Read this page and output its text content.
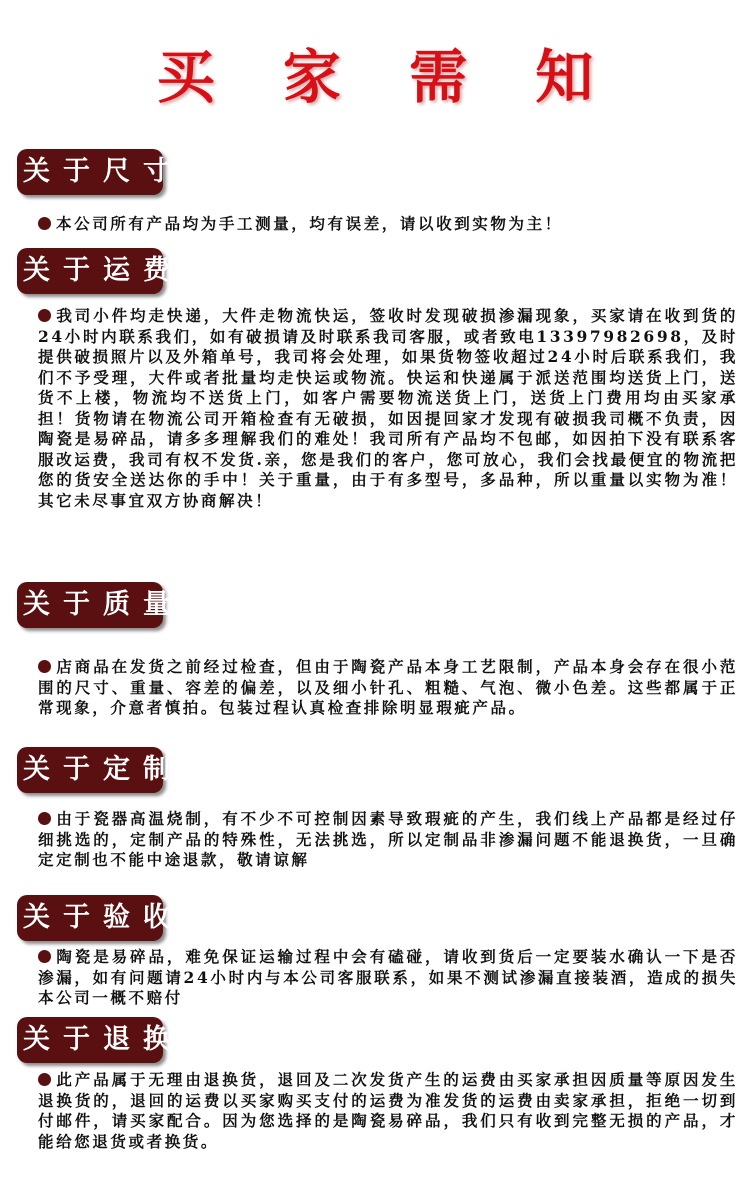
买 家 需 知
关于尺寸
本公司所有产品均为手工测量，均有误差，请以收到实物为主！
关于运费
我司小件均走快递，大件走物流快运，签收时发现破损渗漏现象，买家请在收到货的24小时内联系我们，如有破损请及时联系我司客服，或者致电13397982698，及时提供破损照片以及外箱单号，我司将会处理，如果货物签收超过24小时后联系我们，我们不予受理，大件或者批量均走快运或物流。快运和快递属于派送范围均送货上门，送货不上楼，物流均不送货上门，如客户需要物流送货上门，送货上门费用均由买家承担！货物请在物流公司开箱检查有无破损，如因提回家才发现有破损我司概不负责，因陶瓷是易碎品，请多多理解我们的难处！我司所有产品均不包邮，如因拍下没有联系客服改运费，我司有权不发货.亲，您是我们的客户，您可放心，我们会找最便宜的物流把您的货安全送达你的手中！关于重量，由于有多型号，多品种，所以重量以实物为准！其它未尽事宜双方协商解决！
关于质量
店商品在发货之前经过检查，但由于陶瓷产品本身工艺限制，产品本身会存在很小范围的尺寸、重量、容差的偏差，以及细小针孔、粗糙、气泡、微小色差。这些都属于正常现象，介意者慎拍。包装过程认真检查排除明显瑕疵产品。
关于定制
由于瓷器高温烧制，有不少不可控制因素导致瑕疵的产生，我们线上产品都是经过仔细挑选的，定制产品的特殊性，无法挑选，所以定制品非渗漏问题不能退换货，一旦确定定制也不能中途退款，敬请谅解
关于验收
陶瓷是易碎品，难免保证运输过程中会有磕碰，请收到货后一定要装水确认一下是否渗漏，如有问题请24小时内与本公司客服联系，如果不测试渗漏直接装酒，造成的损失本公司一概不赔付
关于退换
此产品属于无理由退换货，退回及二次发货产生的运费由买家承担因质量等原因发生退换货的，退回的运费以买家购买支付的运费为准发货的运费由卖家承担，拒绝一切到付邮件，请买家配合。因为您选择的是陶瓷易碎品，我们只有收到完整无损的产品，才能给您退货或者换货。
